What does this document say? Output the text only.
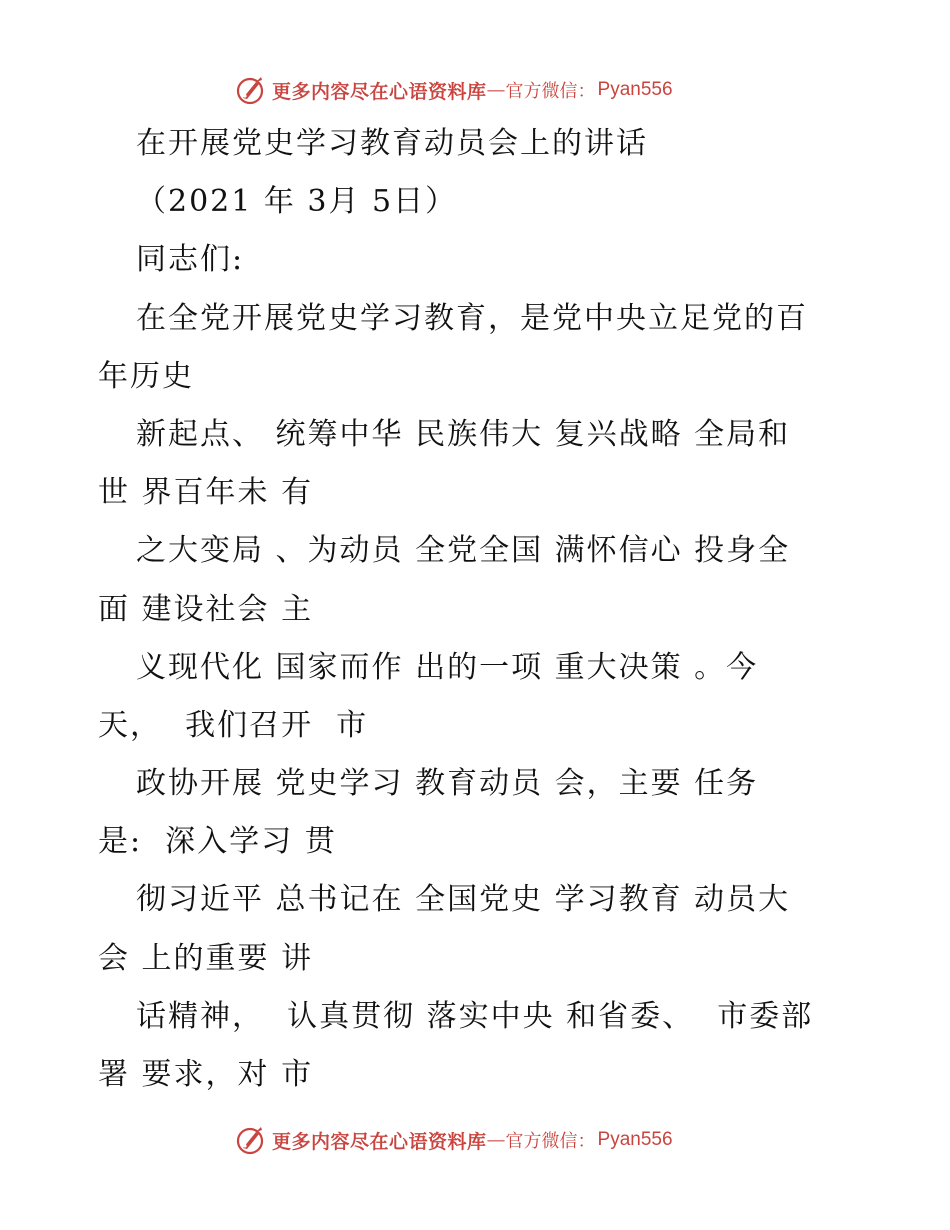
更多内容尽在心语资料库 — 官方微信： Pyan556
在开展党史学习教育动员会上的讲话
（2021 年 3月 5日）
同志们:
在全党开展党史学习教育，是党中央立足党的百
年历史
新起点、 统筹中华 民族伟大 复兴战略 全局和
世 界百年未 有
之大变局 、为动员 全党全国 满怀信心 投身全
面 建设社会 主
义现代化 国家而作 出的一项 重大决策 。今
天，  我们召开  市
政协开展 党史学习 教育动员 会，主要 任务
是:  深入学习 贯
彻习近平 总书记在 全国党史 学习教育 动员大
会 上的重要 讲
话精神，  认真贯彻 落实中央 和省委、  市委部
署 要求，对 市
更多内容尽在心语资料库 — 官方微信： Pyan556
